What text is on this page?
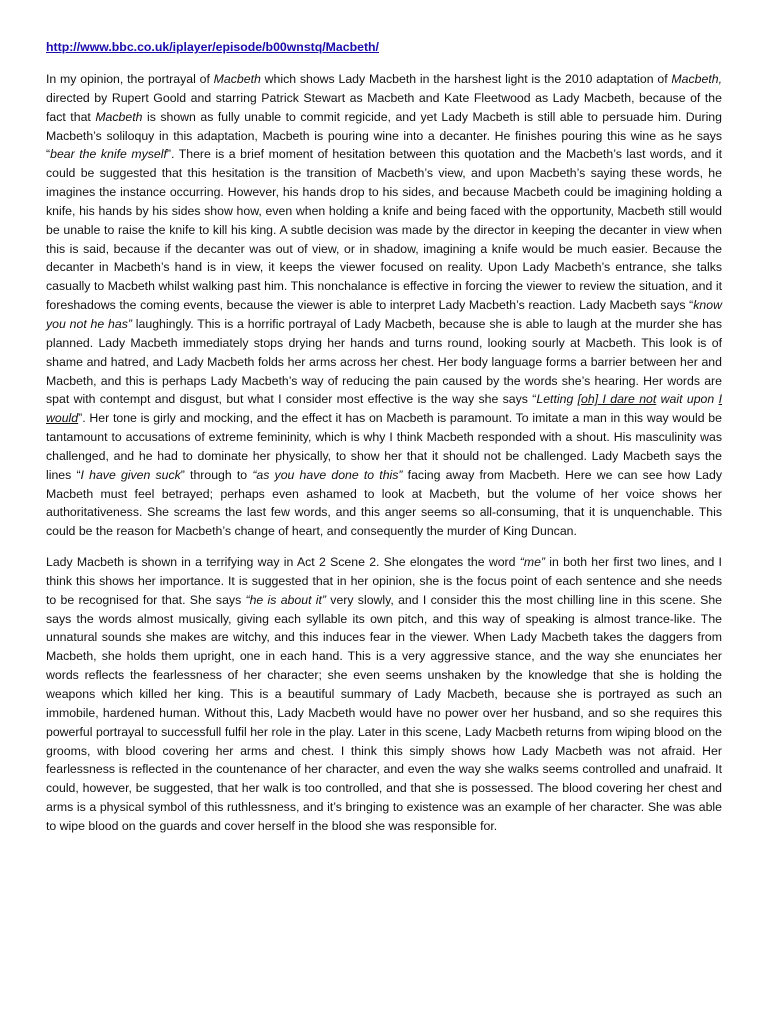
http://www.bbc.co.uk/iplayer/episode/b00wnstq/Macbeth/

In my opinion, the portrayal of Macbeth which shows Lady Macbeth in the harshest light is the 2010 adaptation of Macbeth, directed by Rupert Goold and starring Patrick Stewart as Macbeth and Kate Fleetwood as Lady Macbeth, because of the fact that Macbeth is shown as fully unable to commit regicide, and yet Lady Macbeth is still able to persuade him. During Macbeth’s soliloquy in this adaptation, Macbeth is pouring wine into a decanter. He finishes pouring this wine as he says “bear the knife myself”. There is a brief moment of hesitation between this quotation and the Macbeth’s last words, and it could be suggested that this hesitation is the transition of Macbeth’s view, and upon Macbeth’s saying these words, he imagines the instance occurring. However, his hands drop to his sides, and because Macbeth could be imagining holding a knife, his hands by his sides show how, even when holding a knife and being faced with the opportunity, Macbeth still would be unable to raise the knife to kill his king. A subtle decision was made by the director in keeping the decanter in view when this is said, because if the decanter was out of view, or in shadow, imagining a knife would be much easier. Because the decanter in Macbeth’s hand is in view, it keeps the viewer focused on reality. Upon Lady Macbeth’s entrance, she talks casually to Macbeth whilst walking past him. This nonchalance is effective in forcing the viewer to review the situation, and it foreshadows the coming events, because the viewer is able to interpret Lady Macbeth’s reaction. Lady Macbeth says “know you not he has” laughingly. This is a horrific portrayal of Lady Macbeth, because she is able to laugh at the murder she has planned. Lady Macbeth immediately stops drying her hands and turns round, looking sourly at Macbeth. This look is of shame and hatred, and Lady Macbeth folds her arms across her chest. Her body language forms a barrier between her and Macbeth, and this is perhaps Lady Macbeth’s way of reducing the pain caused by the words she’s hearing. Her words are spat with contempt and disgust, but what I consider most effective is the way she says “Letting [oh] I dare not wait upon I would”. Her tone is girly and mocking, and the effect it has on Macbeth is paramount. To imitate a man in this way would be tantamount to accusations of extreme femininity, which is why I think Macbeth responded with a shout. His masculinity was challenged, and he had to dominate her physically, to show her that it should not be challenged. Lady Macbeth says the lines “I have given suck” through to “as you have done to this” facing away from Macbeth. Here we can see how Lady Macbeth must feel betrayed; perhaps even ashamed to look at Macbeth, but the volume of her voice shows her authoritativeness. She screams the last few words, and this anger seems so all-consuming, that it is unquenchable. This could be the reason for Macbeth’s change of heart, and consequently the murder of King Duncan.

Lady Macbeth is shown in a terrifying way in Act 2 Scene 2. She elongates the word “me” in both her first two lines, and I think this shows her importance. It is suggested that in her opinion, she is the focus point of each sentence and she needs to be recognised for that. She says “he is about it” very slowly, and I consider this the most chilling line in this scene. She says the words almost musically, giving each syllable its own pitch, and this way of speaking is almost trance-like. The unnatural sounds she makes are witchy, and this induces fear in the viewer. When Lady Macbeth takes the daggers from Macbeth, she holds them upright, one in each hand. This is a very aggressive stance, and the way she enunciates her words reflects the fearlessness of her character; she even seems unshaken by the knowledge that she is holding the weapons which killed her king. This is a beautiful summary of Lady Macbeth, because she is portrayed as such an immobile, hardened human. Without this, Lady Macbeth would have no power over her husband, and so she requires this powerful portrayal to successfull fulfil her role in the play. Later in this scene, Lady Macbeth returns from wiping blood on the grooms, with blood covering her arms and chest. I think this simply shows how Lady Macbeth was not afraid. Her fearlessness is reflected in the countenance of her character, and even the way she walks seems controlled and unafraid. It could, however, be suggested, that her walk is too controlled, and that she is possessed. The blood covering her chest and arms is a physical symbol of this ruthlessness, and it’s bringing to existence was an example of her character. She was able to wipe blood on the guards and cover herself in the blood she was responsible for.
